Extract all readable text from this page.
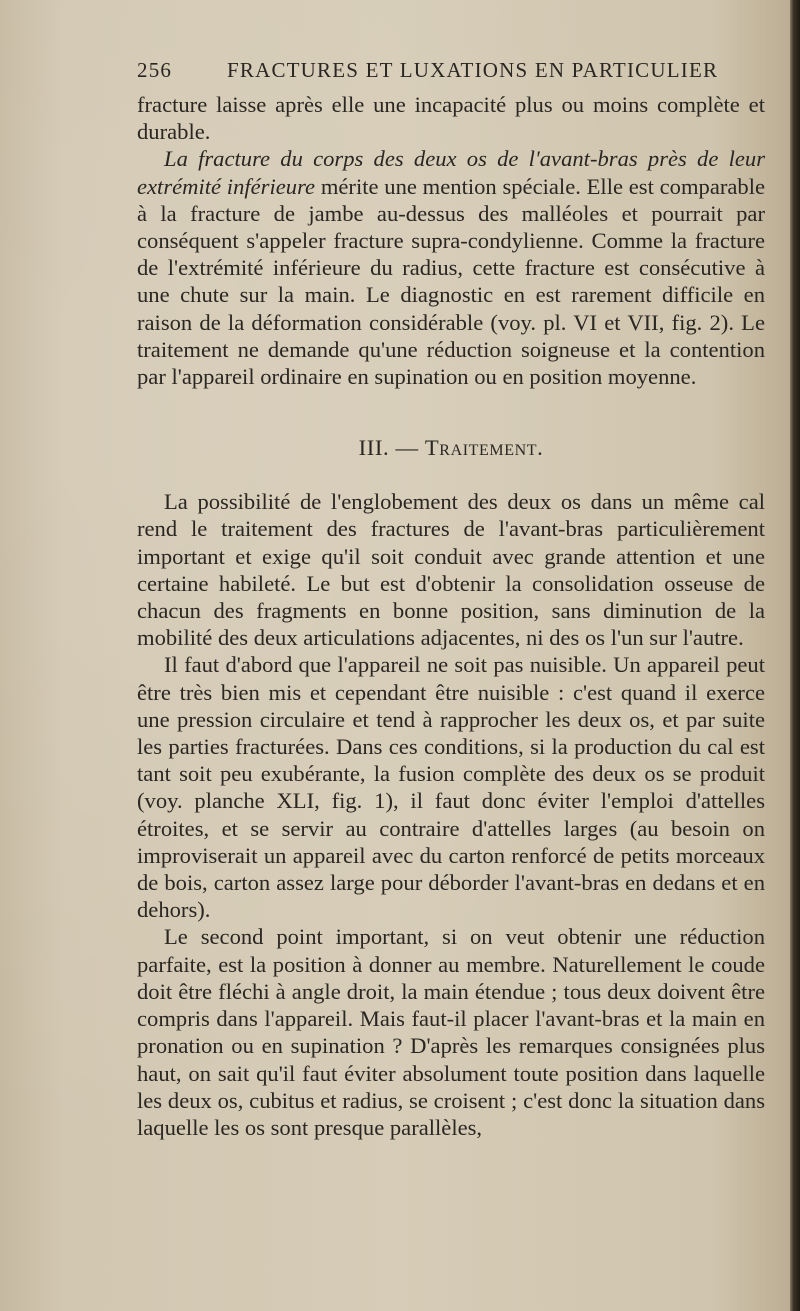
256	FRACTURES ET LUXATIONS EN PARTICULIER

fracture laisse après elle une incapacité plus ou moins complète et durable.

La fracture du corps des deux os de l'avant-bras près de leur extrémité inférieure mérite une mention spéciale. Elle est comparable à la fracture de jambe au-dessus des malléoles et pourrait par conséquent s'appeler fracture supra-condylienne. Comme la fracture de l'extrémité inférieure du radius, cette fracture est consécutive à une chute sur la main. Le diagnostic en est rarement difficile en raison de la déformation considérable (voy. pl. VI et VII, fig. 2). Le traitement ne demande qu'une réduction soigneuse et la contention par l'appareil ordinaire en supination ou en position moyenne.

III. — Traitement.

La possibilité de l'englobement des deux os dans un même cal rend le traitement des fractures de l'avant-bras particulièrement important et exige qu'il soit conduit avec grande attention et une certaine habileté. Le but est d'obtenir la consolidation osseuse de chacun des fragments en bonne position, sans diminution de la mobilité des deux articulations adjacentes, ni des os l'un sur l'autre.

Il faut d'abord que l'appareil ne soit pas nuisible. Un appareil peut être très bien mis et cependant être nuisible : c'est quand il exerce une pression circulaire et tend à rapprocher les deux os, et par suite les parties fracturées. Dans ces conditions, si la production du cal est tant soit peu exubérante, la fusion complète des deux os se produit (voy. planche XLI, fig. 1), il faut donc éviter l'emploi d'attelles étroites, et se servir au contraire d'attelles larges (au besoin on improviserait un appareil avec du carton renforcé de petits morceaux de bois, carton assez large pour déborder l'avant-bras en dedans et en dehors).

Le second point important, si on veut obtenir une réduction parfaite, est la position à donner au membre. Naturellement le coude doit être fléchi à angle droit, la main étendue ; tous deux doivent être compris dans l'appareil. Mais faut-il placer l'avant-bras et la main en pronation ou en supination ? D'après les remarques consignées plus haut, on sait qu'il faut éviter absolument toute position dans laquelle les deux os, cubitus et radius, se croisent ; c'est donc la situation dans laquelle les os sont presque parallèles,
